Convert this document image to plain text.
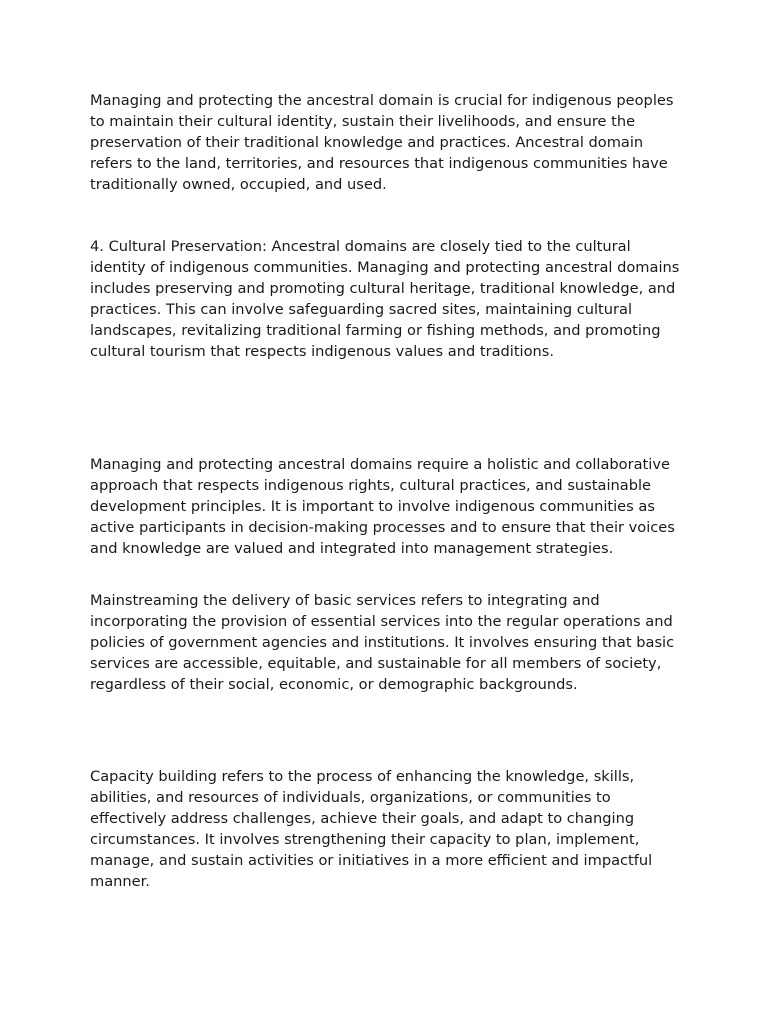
Managing and protecting the ancestral domain is crucial for indigenous peoples to maintain their cultural identity, sustain their livelihoods, and ensure the preservation of their traditional knowledge and practices. Ancestral domain refers to the land, territories, and resources that indigenous communities have traditionally owned, occupied, and used.

4. Cultural Preservation: Ancestral domains are closely tied to the cultural identity of indigenous communities. Managing and protecting ancestral domains includes preserving and promoting cultural heritage, traditional knowledge, and practices. This can involve safeguarding sacred sites, maintaining cultural landscapes, revitalizing traditional farming or fishing methods, and promoting cultural tourism that respects indigenous values and traditions.

Managing and protecting ancestral domains require a holistic and collaborative approach that respects indigenous rights, cultural practices, and sustainable development principles. It is important to involve indigenous communities as active participants in decision-making processes and to ensure that their voices and knowledge are valued and integrated into management strategies.

Mainstreaming the delivery of basic services refers to integrating and incorporating the provision of essential services into the regular operations and policies of government agencies and institutions. It involves ensuring that basic services are accessible, equitable, and sustainable for all members of society, regardless of their social, economic, or demographic backgrounds.

Capacity building refers to the process of enhancing the knowledge, skills, abilities, and resources of individuals, organizations, or communities to effectively address challenges, achieve their goals, and adapt to changing circumstances. It involves strengthening their capacity to plan, implement, manage, and sustain activities or initiatives in a more efficient and impactful manner.
